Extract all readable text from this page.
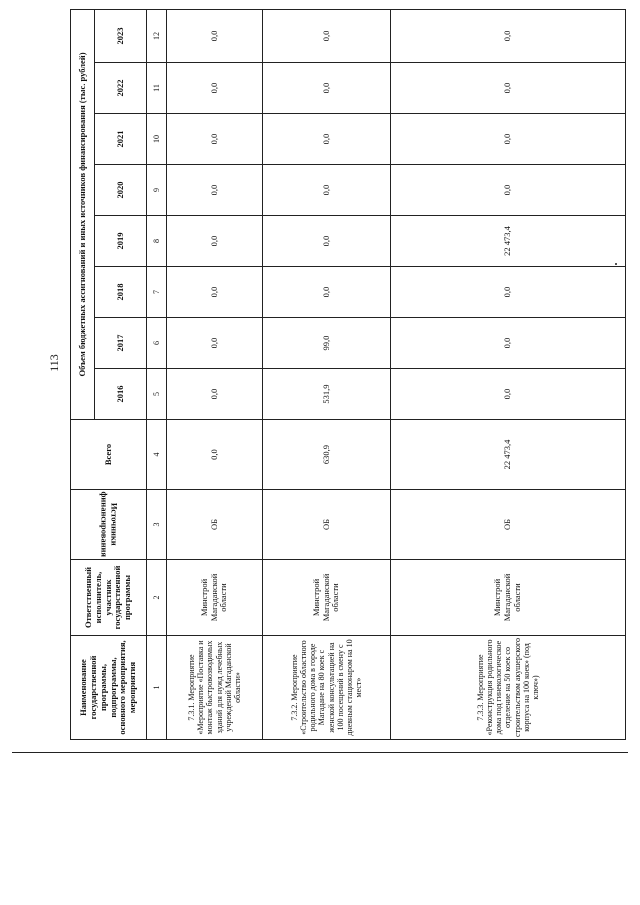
113
Наименование государственной программы, подпрограммы, основного мероприятия, мероприятия	Ответственный исполнитель, участник государственной программы	Источники финансирования	Всего	Объем бюджетных ассигнований и иных источников финансирования (тыс. рублей)							
				2016	2017	2018	2019	2020	2021	2022	2023
1	2	3	4	5	6	7	8	9	10	11	12
7.3.1. Мероприятие «Мероприятие «Поставка и монтаж быстровозводимых зданий для нужд лечебных учреждений Магаданской области»	Минстрой Магаданской области	ОБ	0,0	0,0	0,0	0,0	0,0	0,0	0,0	0,0	0,0
7.3.2. Мероприятие «Строительство областного родильного дома в городе Магадане на 80 коек с женской консультацией на 100 посещений в смену с дневным стационаром на 10 мест»	Минстрой Магаданской области	ОБ	630,9	531,9	99,0	0,0	0,0	0,0	0,0	0,0	0,0
7.3.3. Мероприятие «Реконструкция родильного дома под гинекологическое отделение на 50 коек со строительством акушерского корпуса на 100 коек» (под ключ»)	Минстрой Магаданской области	ОБ	22 473,4	0,0	0,0	0,0	22 473,4	0,0	0,0	0,0	0,0
